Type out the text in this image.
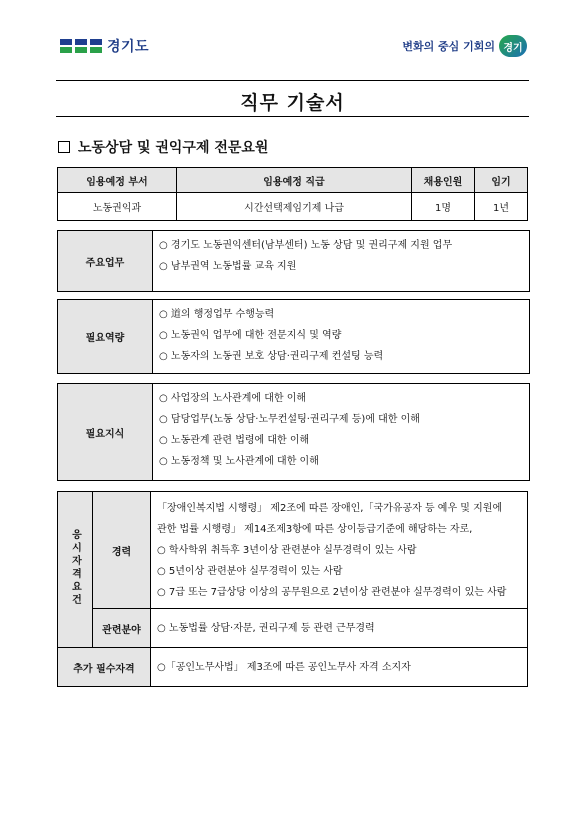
경기도	변화의 중심 기회의 경기
직무 기술서
노동상담 및 권익구제 전문요원
임용예정 부서	임용예정 직급	채용인원	임기
노동권익과	시간선택제임기제 나급	1명	1년
주요업무
○ 경기도 노동권익센터(남부센터) 노동 상담 및 권리구제 지원 업무
○ 남부권역 노동법률 교육 지원
필요역량
○ 道의 행정업무 수행능력
○ 노동권익 업무에 대한 전문지식 및 역량
○ 노동자의 노동권 보호 상담·권리구제 컨설팅 능력
필요지식
○ 사업장의 노사관계에 대한 이해
○ 담당업무(노동 상담·노무컨설팅·권리구제 등)에 대한 이해
○ 노동관계 관련 법령에 대한 이해
○ 노동정책 및 노사관계에 대한 이해
응시자격요건	경력	「장애인복지법 시행령」 제2조에 따른 장애인,「국가유공자 등 예우 및 지원에
관한 법률 시행령」 제14조제3항에 따른 상이등급기준에 해당하는 자로,
○ 학사학위 취득후 3년이상 관련분야 실무경력이 있는 사람
○ 5년이상 관련분야 실무경력이 있는 사람
○ 7급 또는 7급상당 이상의 공무원으로 2년이상 관련분야 실무경력이 있는 사람

	관련분야	○ 노동법률 상담·자문, 권리구제 등 관련 근무경력
추가 필수자격		○「공인노무사법」 제3조에 따른 공인노무사 자격 소지자
